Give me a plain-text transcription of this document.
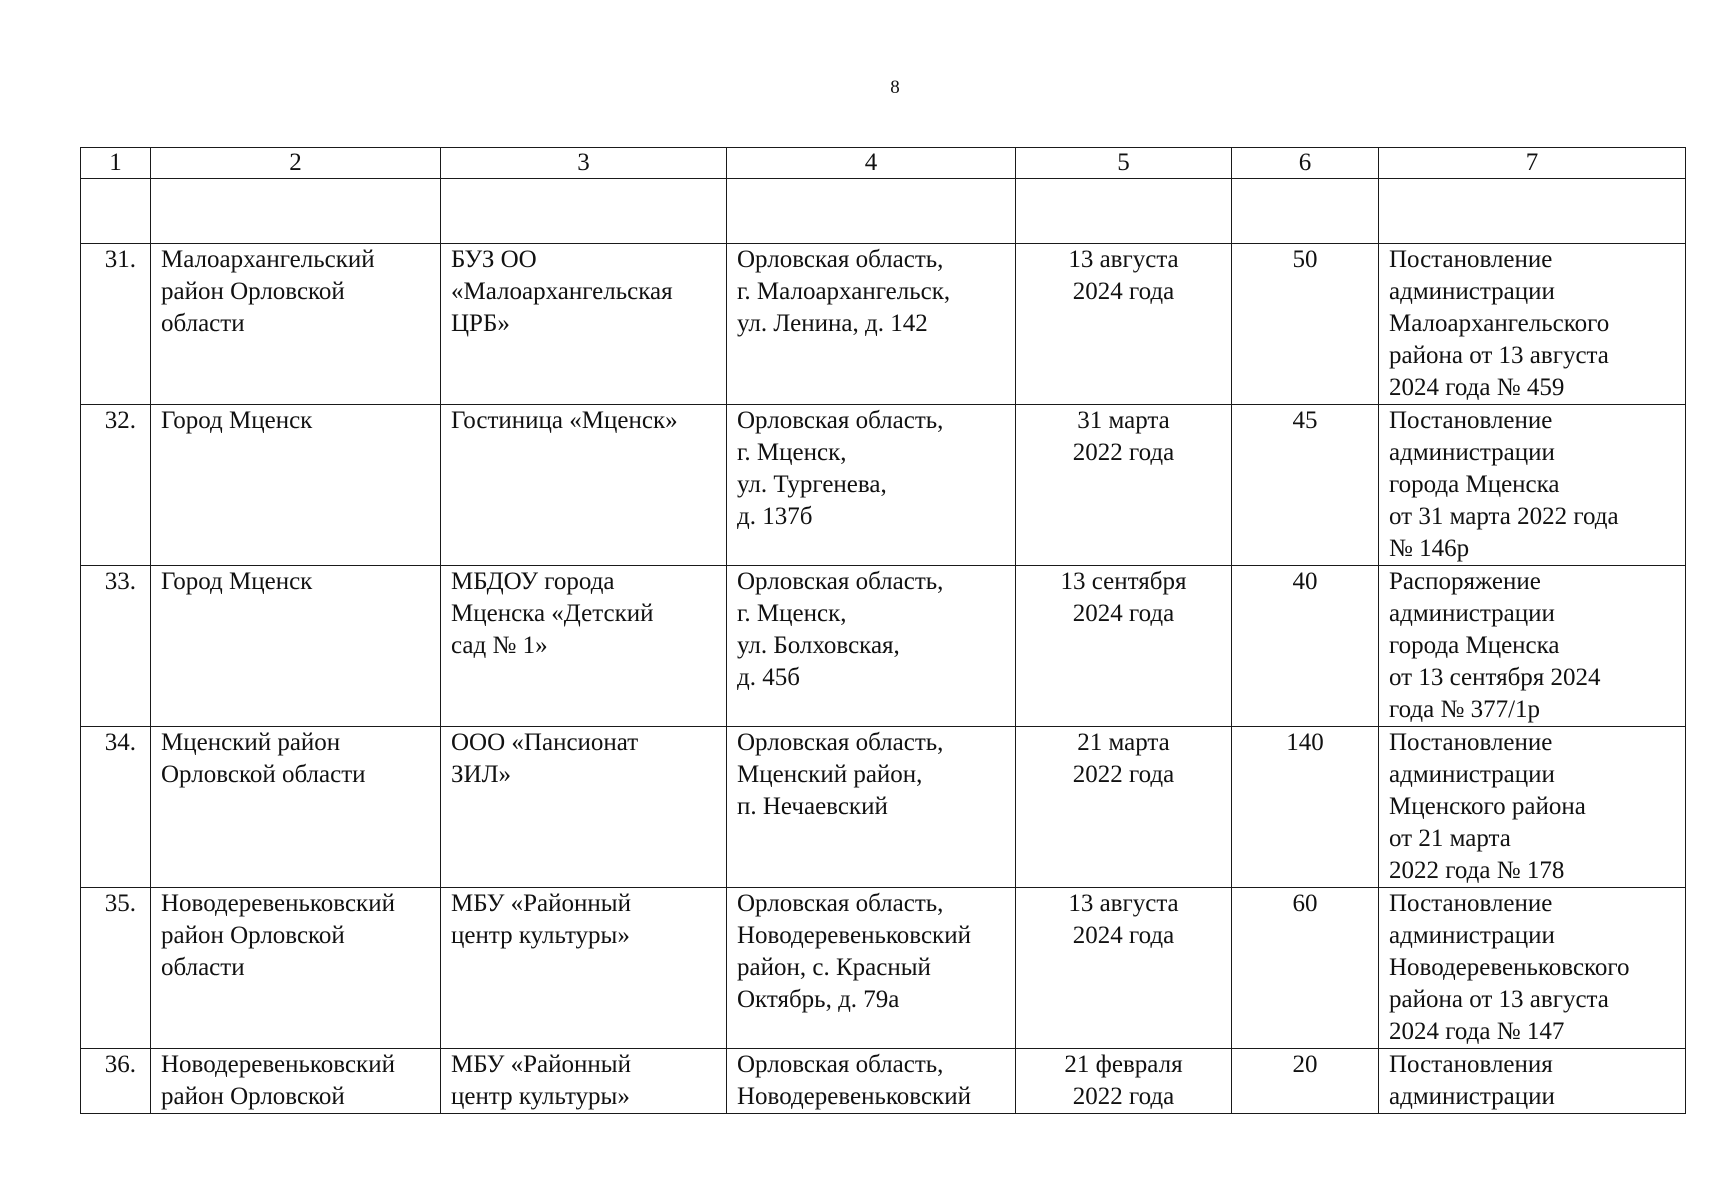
8
1	2	3	4	5	6	7

31.	Малоархангельский
район Орловской
области	БУЗ ОО
«Малоархангельская
ЦРБ»	Орловская область,
г. Малоархангельск,
ул. Ленина, д. 142	13 августа
2024 года	50	Постановление
администрации
Малоархангельского
района от 13 августа
2024 года № 459
32.	Город Мценск	Гостиница «Мценск»	Орловская область,
г. Мценск,
ул. Тургенева,
д. 137б	31 марта
2022 года	45	Постановление
администрации
города Мценска
от 31 марта 2022 года
№ 146р
33.	Город Мценск	МБДОУ города
Мценска «Детский
сад № 1»	Орловская область,
г. Мценск,
ул. Болховская,
д. 45б	13 сентября
2024 года	40	Распоряжение
администрации
города Мценска
от 13 сентября 2024
года № 377/1р
34.	Мценский район
Орловской области	ООО «Пансионат
ЗИЛ»	Орловская область,
Мценский район,
п. Нечаевский	21 марта
2022 года	140	Постановление
администрации
Мценского района
от 21 марта
2022 года № 178
35.	Новодеревеньковский
район Орловской
области	МБУ «Районный
центр культуры»	Орловская область,
Новодеревеньковский
район, с. Красный
Октябрь, д. 79а	13 августа
2024 года	60	Постановление
администрации
Новодеревеньковского
района от 13 августа
2024 года № 147
36.	Новодеревеньковский
район Орловской	МБУ «Районный
центр культуры»	Орловская область,
Новодеревеньковский	21 февраля
2022 года	20	Постановления
администрации
